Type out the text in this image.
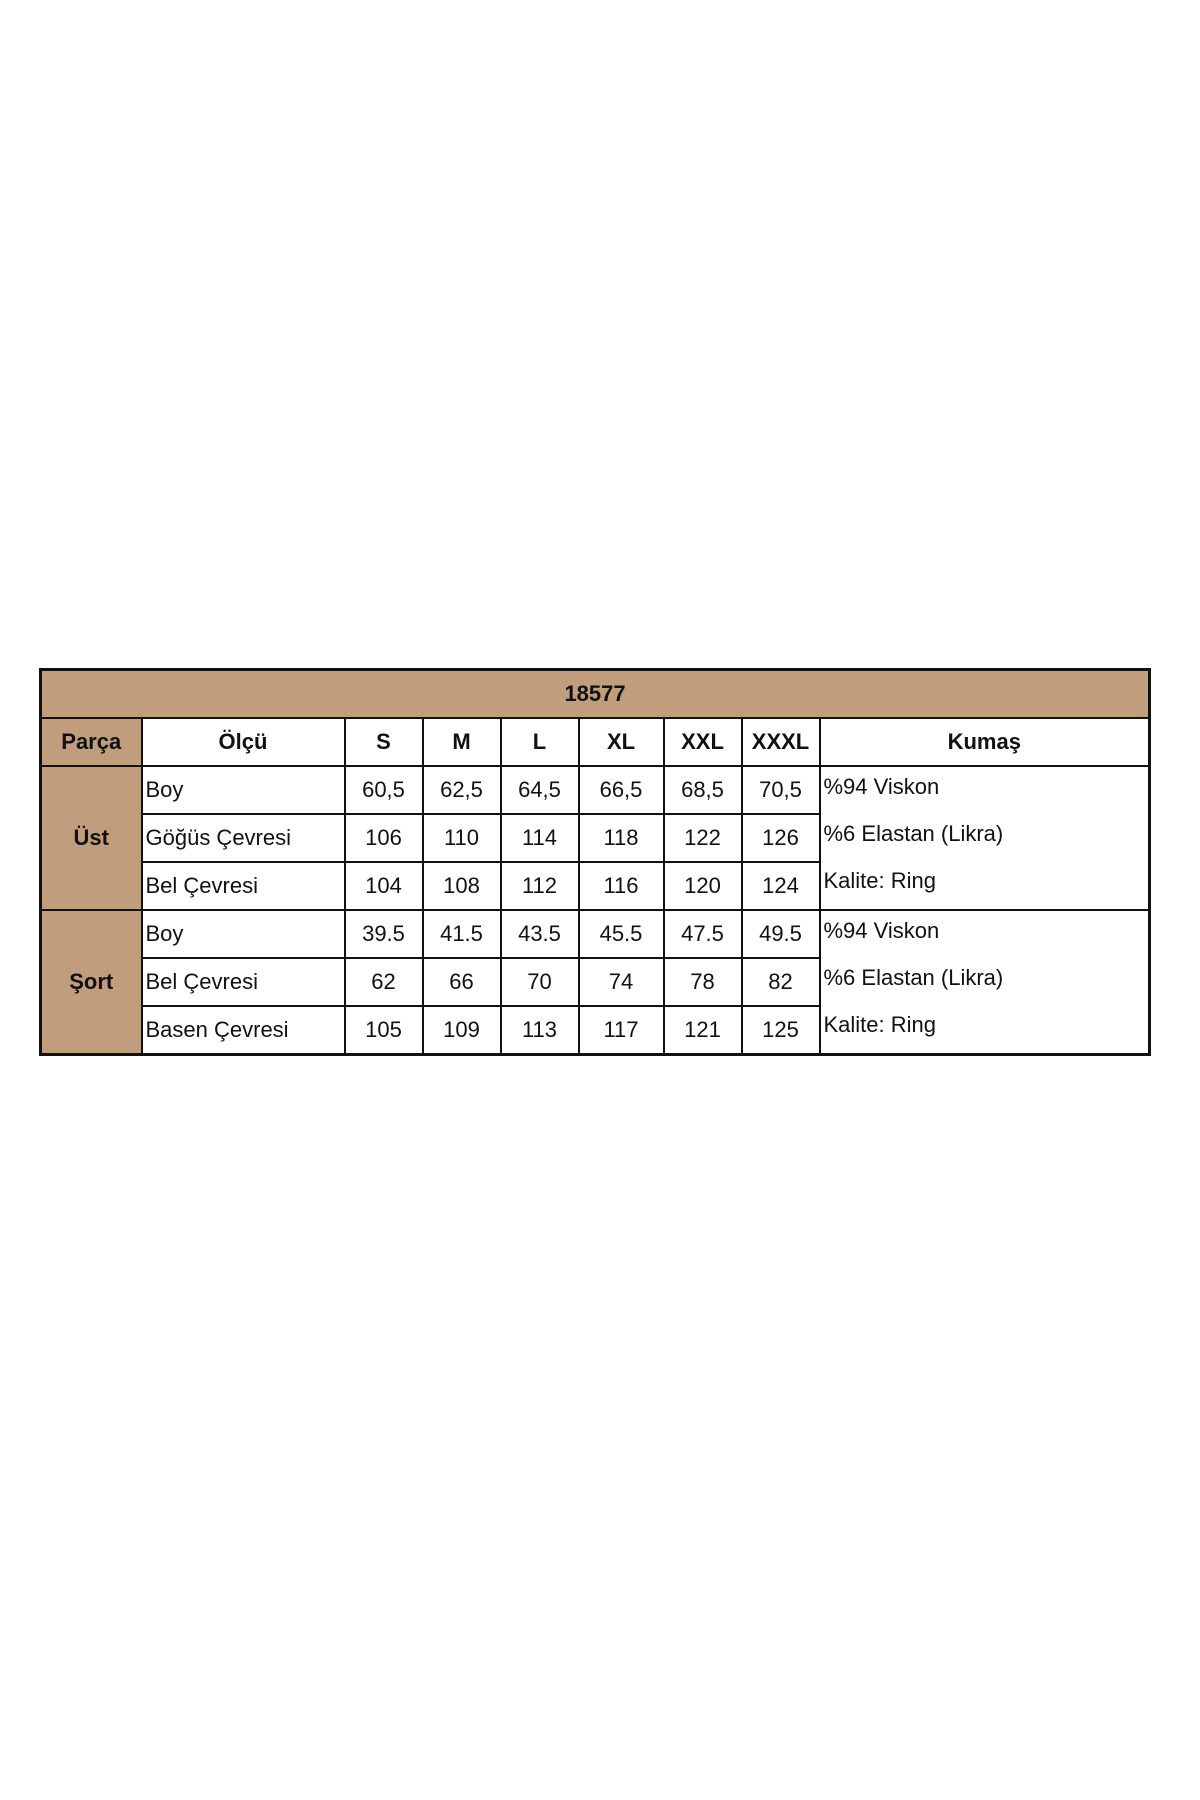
18577								
Parça	Ölçü	S	M	L	XL	XXL	XXXL	Kumaş
Üst	Boy	60,5	62,5	64,5	66,5	68,5	70,5	%94 Viskon
%6 Elastan (Likra)
Kalite: Ring

	Göğüs Çevresi	106	110	114	118	122	126	
	Bel Çevresi	104	108	112	116	120	124	
Şort	Boy	39.5	41.5	43.5	45.5	47.5	49.5	%94 Viskon
%6 Elastan (Likra)
Kalite: Ring

	Bel Çevresi	62	66	70	74	78	82	
	Basen Çevresi	105	109	113	117	121	125	
